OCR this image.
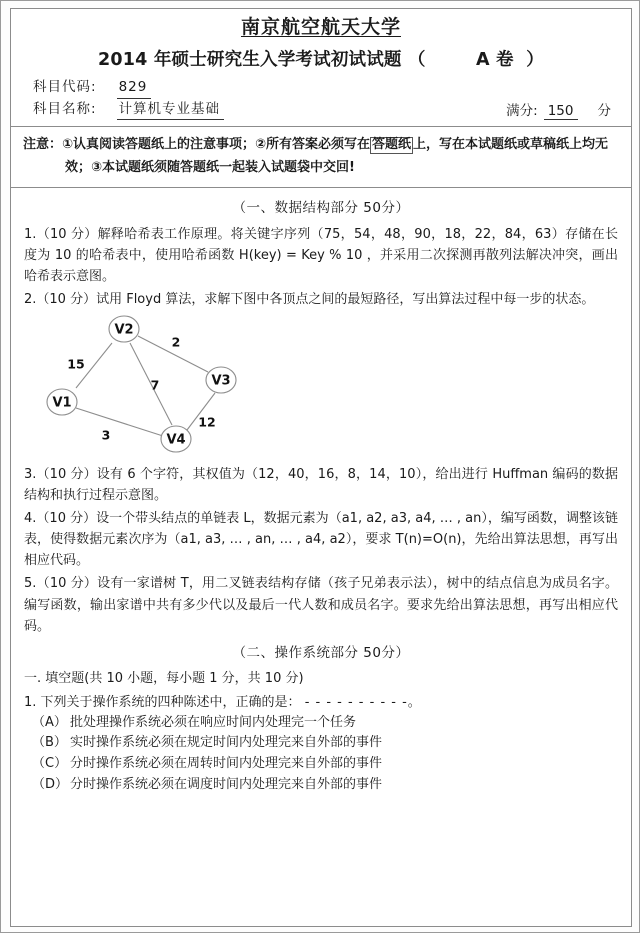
南京航空航天大学
2014 年硕士研究生入学考试初试试题 （        A 卷  ）
科目代码: 829
科目名称: 计算机专业基础	满分: 150 分
注意：①认真阅读答题纸上的注意事项；②所有答案必须写在 答题纸 上，写在本试题纸或草稿纸上均无
效；③本试题纸须随答题纸一起装入试题袋中交回!
（一、数据结构部分 50分）

1.（10 分）解释哈希表工作原理。将关键字序列（75，54，48，90，18，22，84，63）存储在长度为 10 的哈希表中，使用哈希函数 H(key) = Key % 10 ，并采用二次探测再散列法解决冲突，画出哈希表示意图。

2.（10 分）试用 Floyd 算法，求解下图中各顶点之间的最短路径，写出算法过程中每一步的状态。

V1
V2
V3
V4
15
2
7
3
12

3.（10 分）设有 6 个字符，其权值为（12，40，16，8，14，10），给出进行 Huffman 编码的数据结构和执行过程示意图。

4.（10 分）设一个带头结点的单链表 L，数据元素为（a1, a2, a3, a4, … , an），编写函数，调整该链表，使得数据元素次序为（a1, a3, … , an, … , a4, a2），要求 T(n)=O(n)，先给出算法思想，再写出相应代码。

5.（10 分）设有一家谱树 T，用二叉链表结构存储（孩子兄弟表示法），树中的结点信息为成员名字。编写函数，输出家谱中共有多少代以及最后一代人数和成员名字。要求先给出算法思想，再写出相应代码。

（二、操作系统部分 50分）
一. 填空题(共 10 小题，每小题 1 分，共 10 分)
1. 下列关于操作系统的四种陈述中，正确的是： - - - - - - - - - -。
（A） 批处理操作系统必须在响应时间内处理完一个任务
（B） 实时操作系统必须在规定时间内处理完来自外部的事件
（C） 分时操作系统必须在周转时间内处理完来自外部的事件
（D） 分时操作系统必须在调度时间内处理完来自外部的事件
